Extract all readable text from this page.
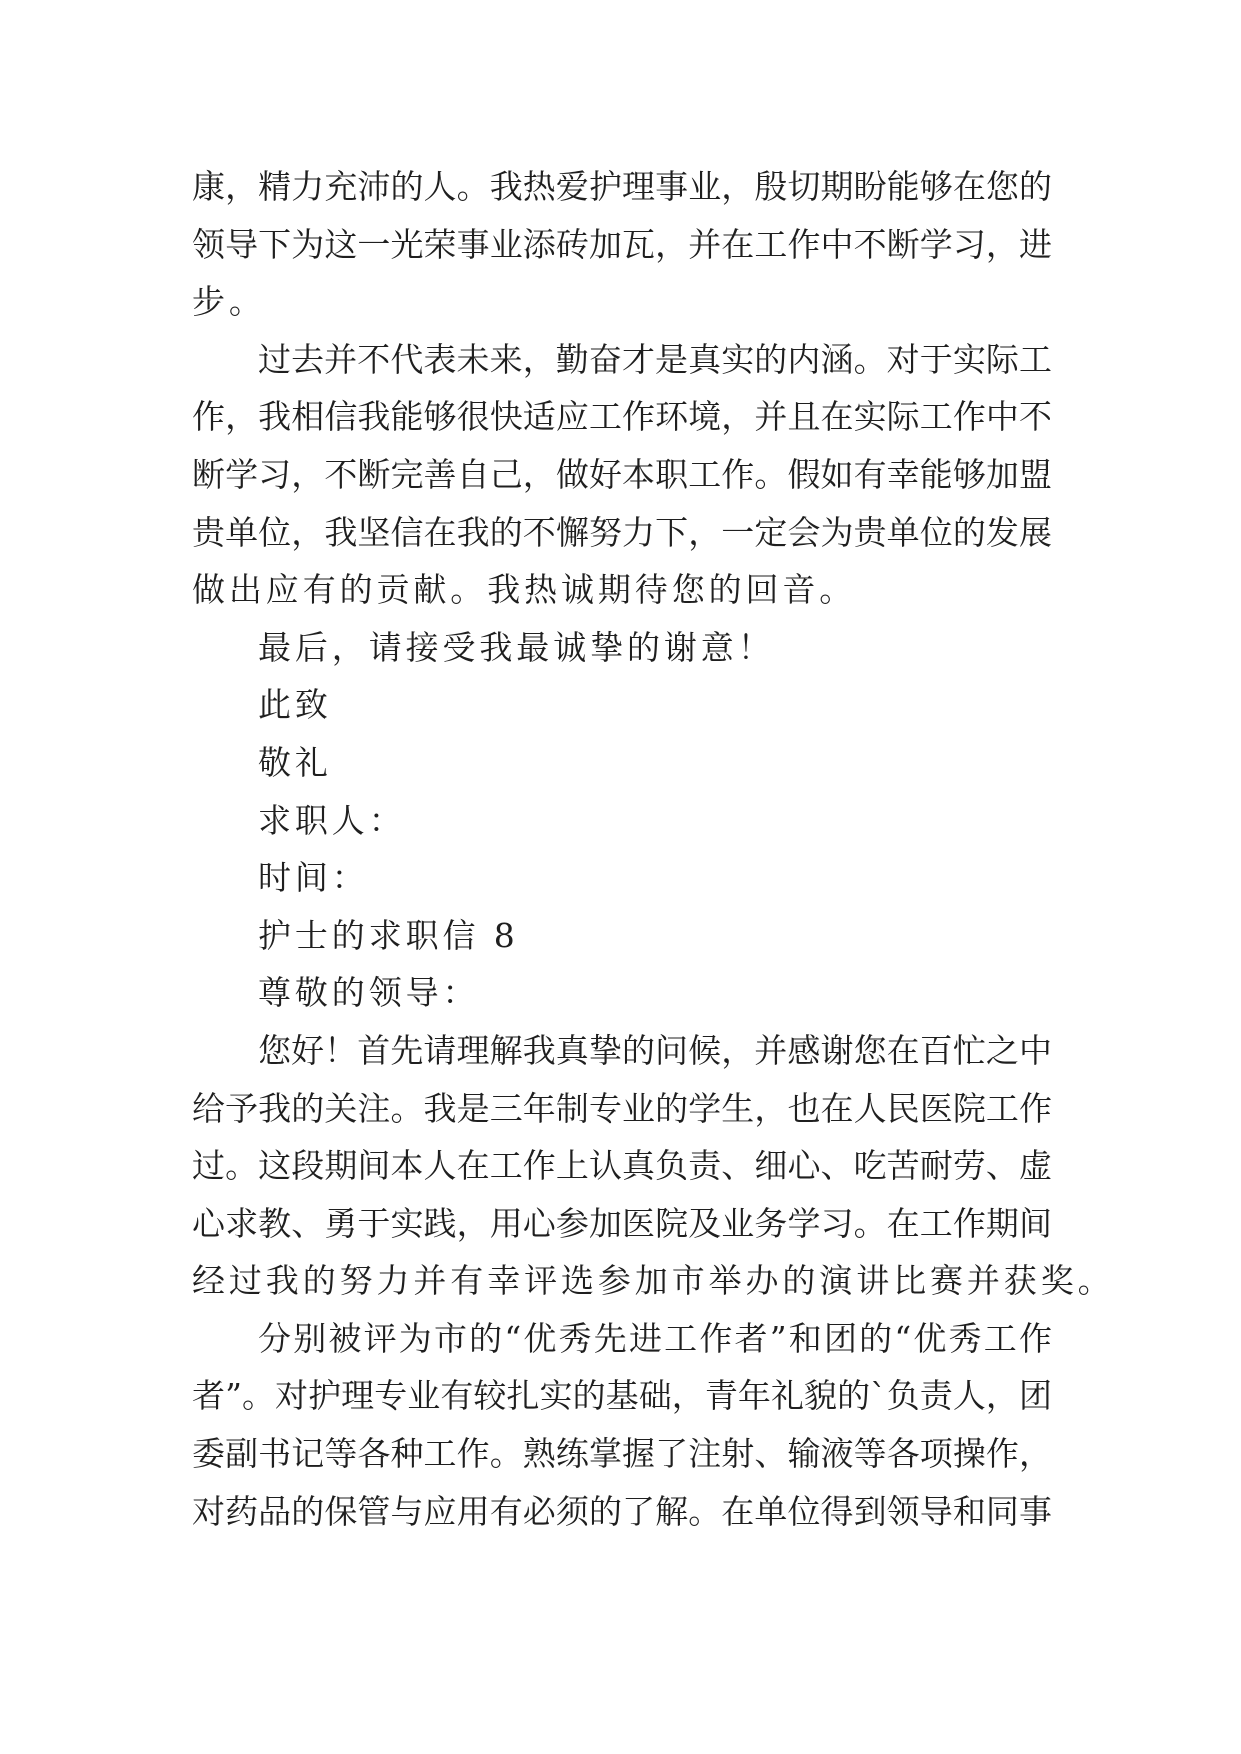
康，精力充沛的人。我热爱护理事业，殷切期盼能够在您的
领导下为这一光荣事业添砖加瓦，并在工作中不断学习，进
步。
过去并不代表未来，勤奋才是真实的内涵。对于实际工
作，我相信我能够很快适应工作环境，并且在实际工作中不
断学习，不断完善自己，做好本职工作。假如有幸能够加盟
贵单位，我坚信在我的不懈努力下，一定会为贵单位的发展
做出应有的贡献。我热诚期待您的回音。
最后，请接受我最诚挚的谢意！
此致
敬礼
求职人：
时间：
护士的求职信 8
尊敬的领导：
您好！首先请理解我真挚的问候，并感谢您在百忙之中
给予我的关注。我是三年制专业的学生，也在人民医院工作
过。这段期间本人在工作上认真负责、细心、吃苦耐劳、虚
心求教、勇于实践，用心参加医院及业务学习。在工作期间
经过我的努力并有幸评选参加市举办的演讲比赛并获奖。
分别被评为市的“优秀先进工作者”和团的“优秀工作
者”。对护理专业有较扎实的基础，青年礼貌的`负责人，团
委副书记等各种工作。熟练掌握了注射、输液等各项操作，
对药品的保管与应用有必须的了解。在单位得到领导和同事
